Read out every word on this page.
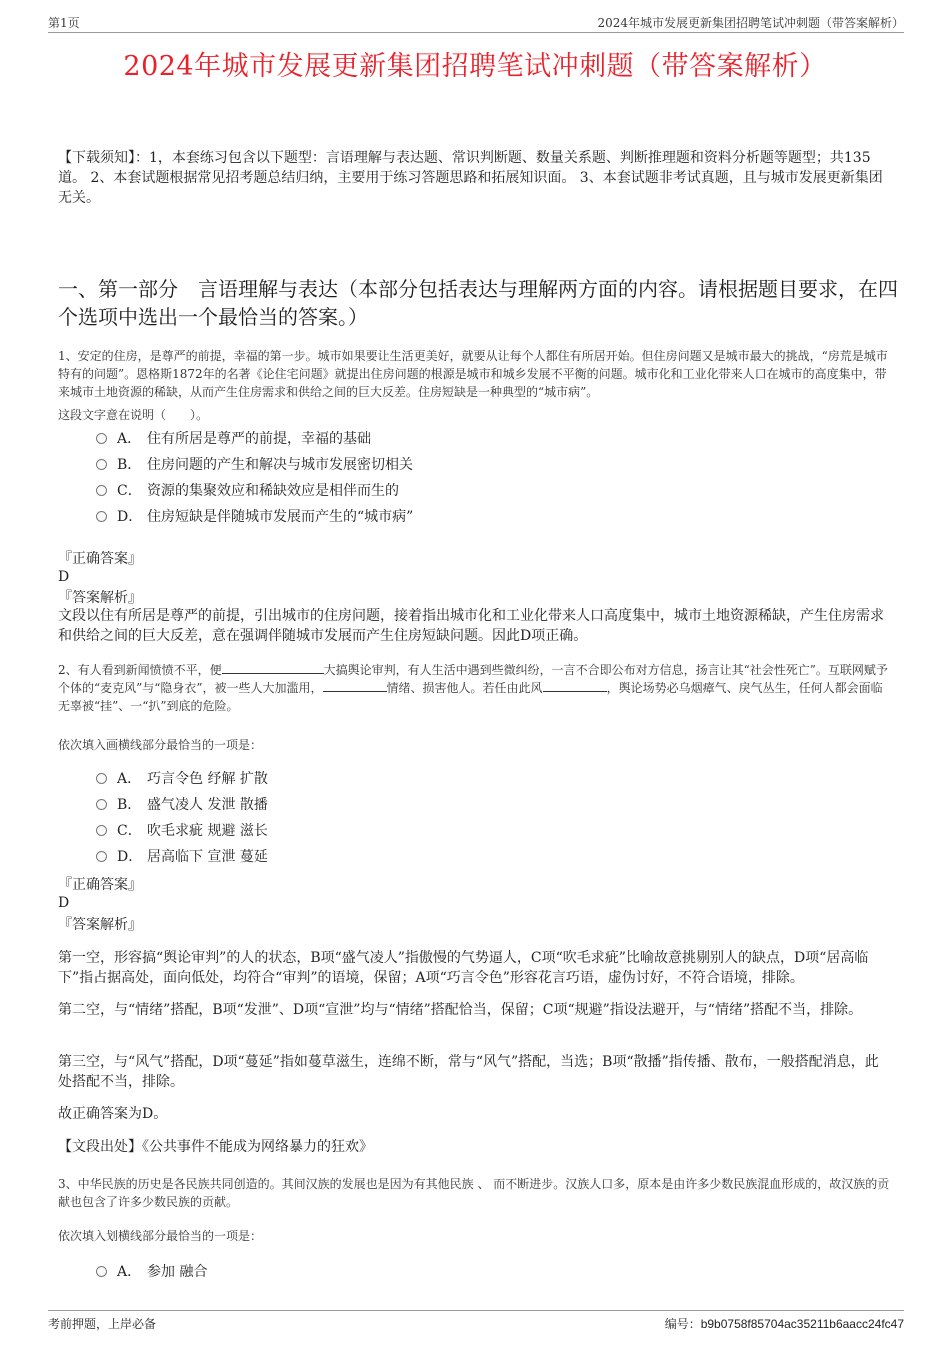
第1页	2024年城市发展更新集团招聘笔试冲刺题（带答案解析）
2024年城市发展更新集团招聘笔试冲刺题（带答案解析）
【下载须知】：1，本套练习包含以下题型：言语理解与表达题、常识判断题、数量关系题、判断推理题和资料分析题等题型；共135道。 2、本套试题根据常见招考题总结归纳，主要用于练习答题思路和拓展知识面。 3、本套试题非考试真题，且与城市发展更新集团无关。
一、第一部分　言语理解与表达（本部分包括表达与理解两方面的内容。请根据题目要求，在四个选项中选出一个最恰当的答案。）
1、安定的住房，是尊严的前提，幸福的第一步。城市如果要让生活更美好，就要从让每个人都住有所居开始。但住房问题又是城市最大的挑战，“房荒是城市特有的问题”。恩格斯1872年的名著《论住宅问题》就提出住房问题的根源是城市和城乡发展不平衡的问题。城市化和工业化带来人口在城市的高度集中，带来城市土地资源的稀缺，从而产生住房需求和供给之间的巨大反差。住房短缺是一种典型的“城市病”。
这段文字意在说明（　　）。
A． 住有所居是尊严的前提，幸福的基础
B． 住房问题的产生和解决与城市发展密切相关
C． 资源的集聚效应和稀缺效应是相伴而生的
D． 住房短缺是伴随城市发展而产生的“城市病”
『正确答案』
D
『答案解析』
文段以住有所居是尊严的前提，引出城市的住房问题，接着指出城市化和工业化带来人口高度集中，城市土地资源稀缺，产生住房需求和供给之间的巨大反差，意在强调伴随城市发展而产生住房短缺问题。因此D项正确。
2、有人看到新闻愤愤不平，便	大搞舆论审判，有人生活中遇到些微纠纷，一言不合即公布对方信息，扬言让其“社会性死亡”。互联网赋予个体的“麦克风”与“隐身衣”，被一些人大加滥用，	情绪、损害他人。若任由此风	，舆论场势必乌烟瘴气、戾气丛生，任何人都会面临无辜被“挂”、一“扒”到底的危险。
依次填入画横线部分最恰当的一项是：
A． 巧言令色 纾解 扩散
B． 盛气凌人 发泄 散播
C． 吹毛求疵 规避 滋长
D． 居高临下 宣泄 蔓延
『正确答案』
D
『答案解析』
第一空，形容搞“舆论审判”的人的状态，B项“盛气凌人”指傲慢的气势逼人，C项“吹毛求疵”比喻故意挑剔别人的缺点，D项“居高临下”指占据高处，面向低处，均符合“审判”的语境，保留；A项“巧言令色”形容花言巧语，虚伪讨好，不符合语境，排除。
第二空，与“情绪”搭配，B项“发泄”、D项“宣泄”均与“情绪”搭配恰当，保留；C项“规避”指设法避开，与“情绪”搭配不当，排除。
第三空，与“风气”搭配，D项“蔓延”指如蔓草滋生，连绵不断，常与“风气”搭配，当选；B项“散播”指传播、散布，一般搭配消息，此处搭配不当，排除。
故正确答案为D。
【文段出处】《公共事件不能成为网络暴力的狂欢》
3、中华民族的历史是各民族共同创造的。其间汉族的发展也是因为有其他民族 、 而不断进步。汉族人口多，原本是由许多少数民族混血形成的，故汉族的贡献也包含了许多少数民族的贡献。
依次填入划横线部分最恰当的一项是：
A． 参加 融合
考前押题，上岸必备	编号：b9b0758f85704ac35211b6aacc24fc47
